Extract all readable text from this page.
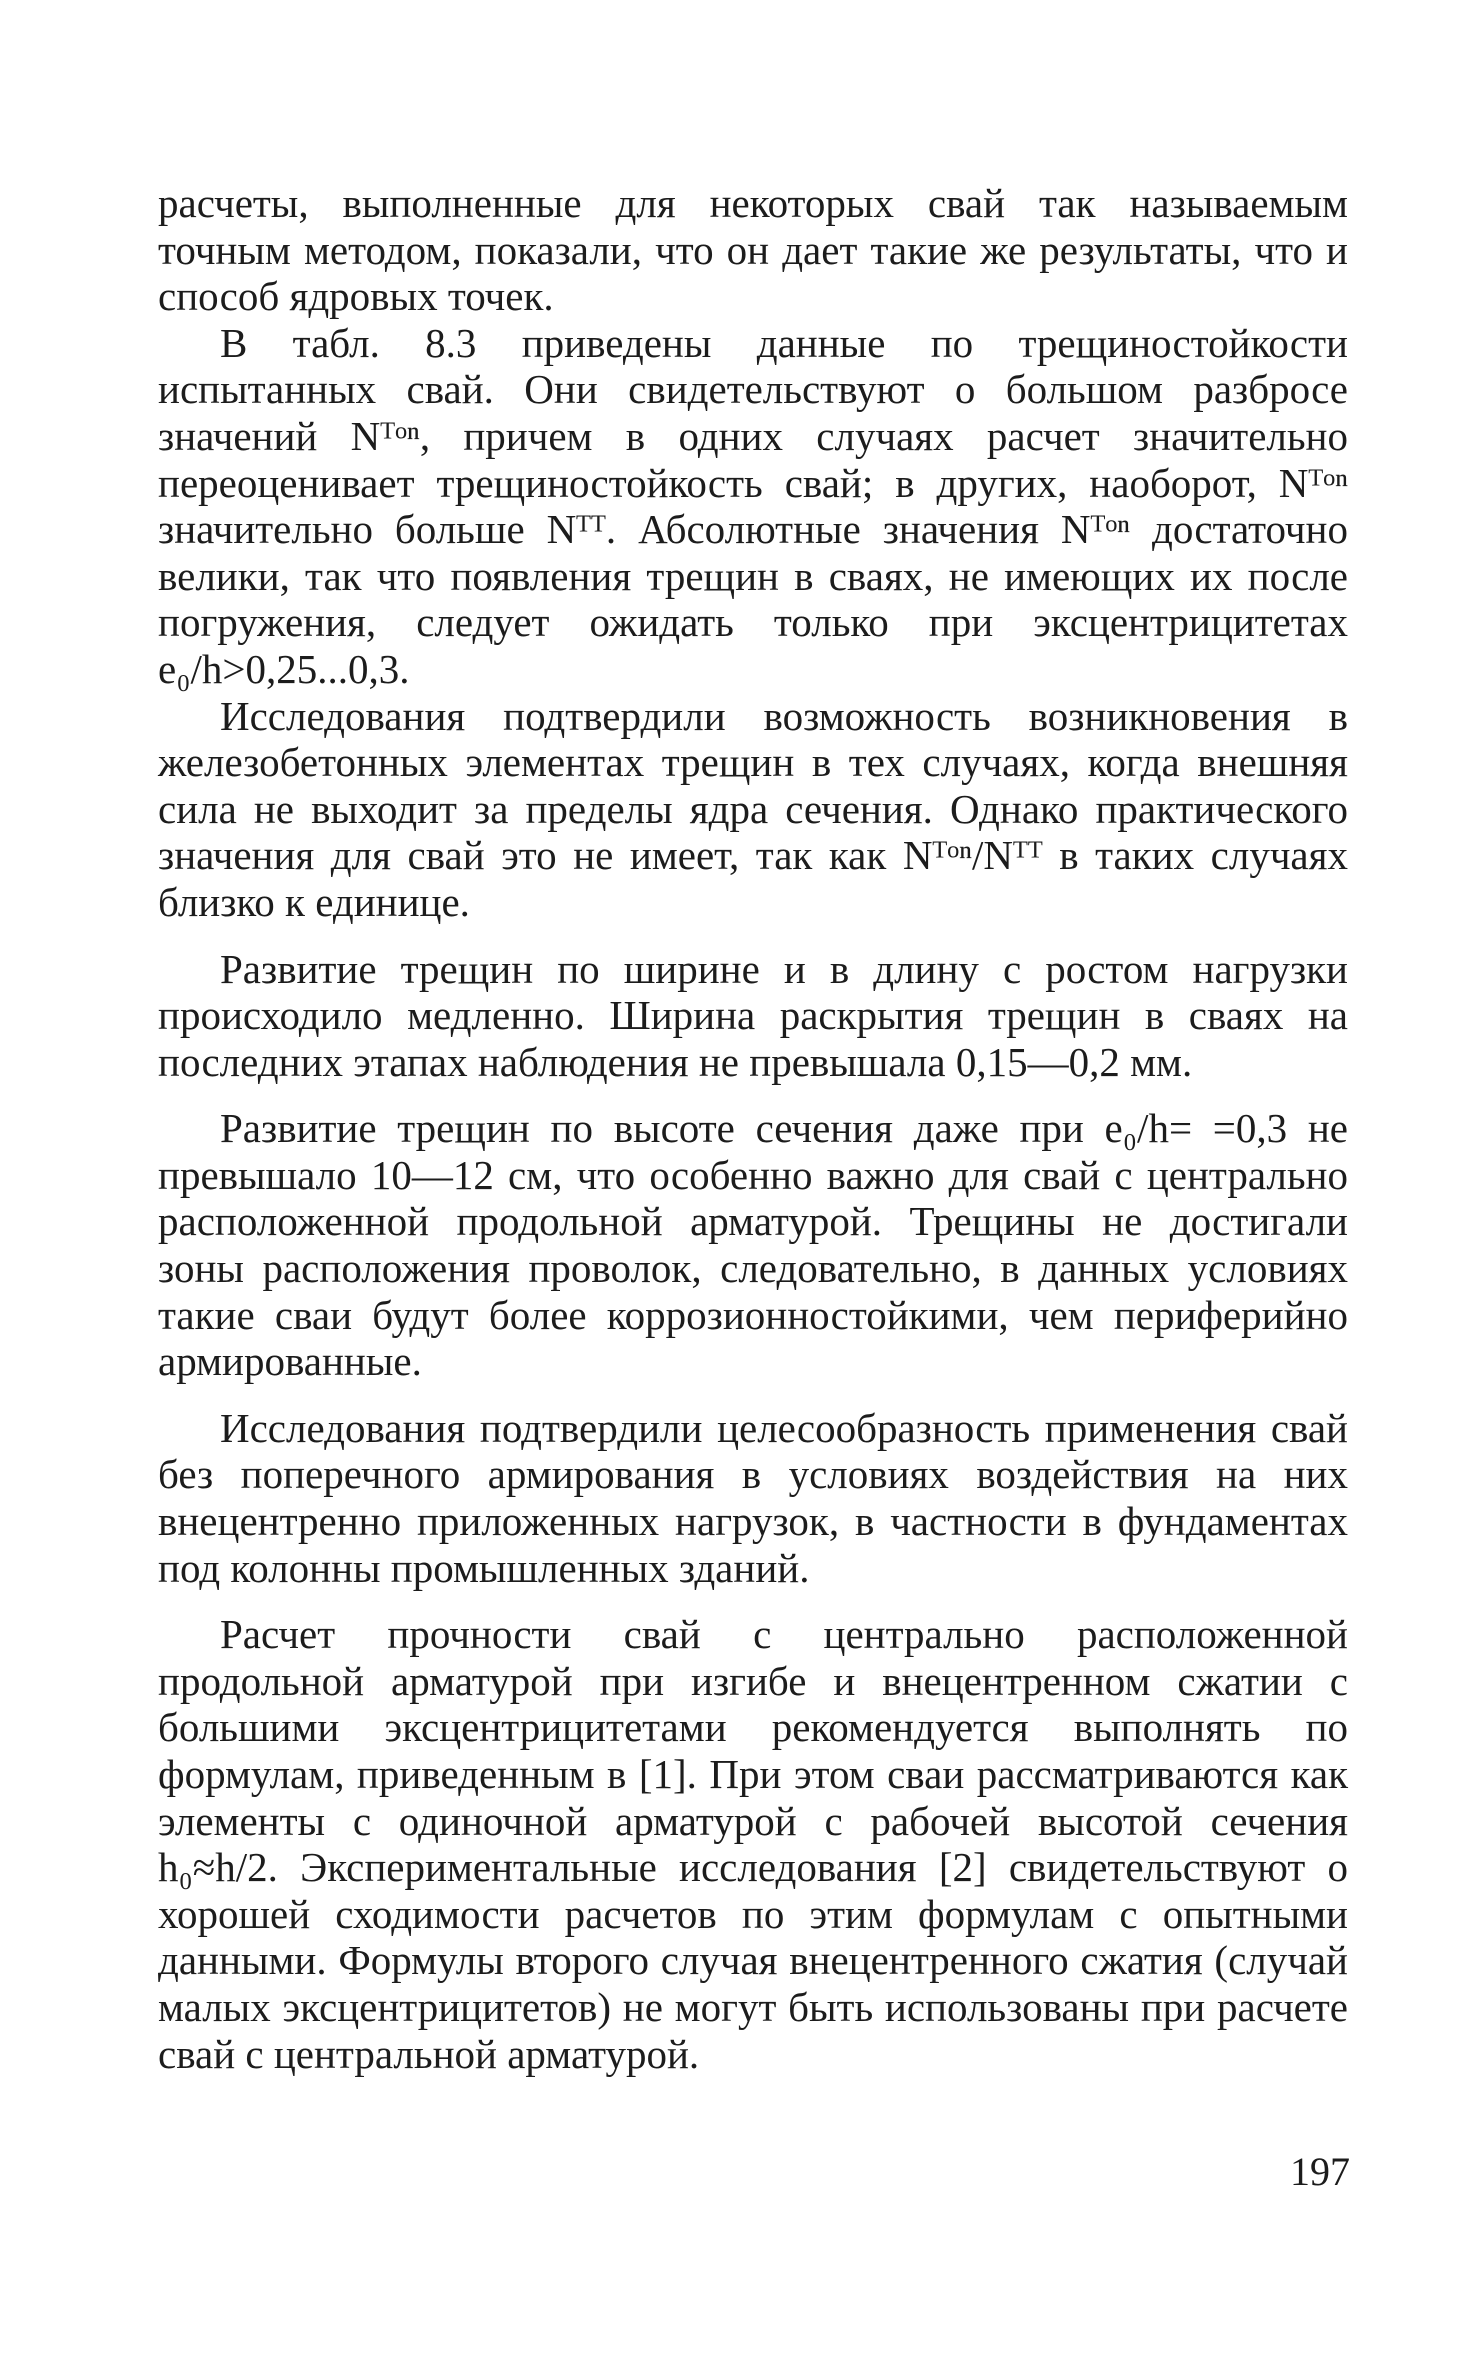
расчеты, выполненные для некоторых свай так называемым точным методом, показали, что он дает такие же результаты, что и способ ядровых точек.

В табл. 8.3 приведены данные по трещиностойкости испытанных свай. Они свидетельствуют о большом разбросе значений Nᵀᵒⁿ, причем в одних случаях расчет значительно переоценивает трещиностойкость свай; в других, наоборот, Nᵀᵒⁿ значительно больше Nᵀᵀ. Абсолютные значения Nᵀᵒⁿ достаточно велики, так что появления трещин в сваях, не имеющих их после погружения, следует ожидать только при эксцентрицитетах e₀/h>0,25...0,3.

Исследования подтвердили возможность возникновения в железобетонных элементах трещин в тех случаях, когда внешняя сила не выходит за пределы ядра сечения. Однако практического значения для свай это не имеет, так как Nᵀᵒⁿ/Nᵀᵀ в таких случаях близко к единице.

Развитие трещин по ширине и в длину с ростом нагрузки происходило медленно. Ширина раскрытия трещин в сваях на последних этапах наблюдения не превышала 0,15—0,2 мм.

Развитие трещин по высоте сечения даже при e₀/h= =0,3 не превышало 10—12 см, что особенно важно для свай с центрально расположенной продольной арматурой. Трещины не достигали зоны расположения проволок, следовательно, в данных условиях такие сваи будут более коррозионностойкими, чем периферийно армированные.

Исследования подтвердили целесообразность применения свай без поперечного армирования в условиях воздействия на них внецентренно приложенных нагрузок, в частности в фундаментах под колонны промышленных зданий.

Расчет прочности свай с центрально расположенной продольной арматурой при изгибе и внецентренном сжатии с большими эксцентрицитетами рекомендуется выполнять по формулам, приведенным в [1]. При этом сваи рассматриваются как элементы с одиночной арматурой с рабочей высотой сечения h₀≈h/2. Экспериментальные исследования [2] свидетельствуют о хорошей сходимости расчетов по этим формулам с опытными данными. Формулы второго случая внецентренного сжатия (случай малых эксцентрицитетов) не могут быть использованы при расчете свай с центральной арматурой.

197
